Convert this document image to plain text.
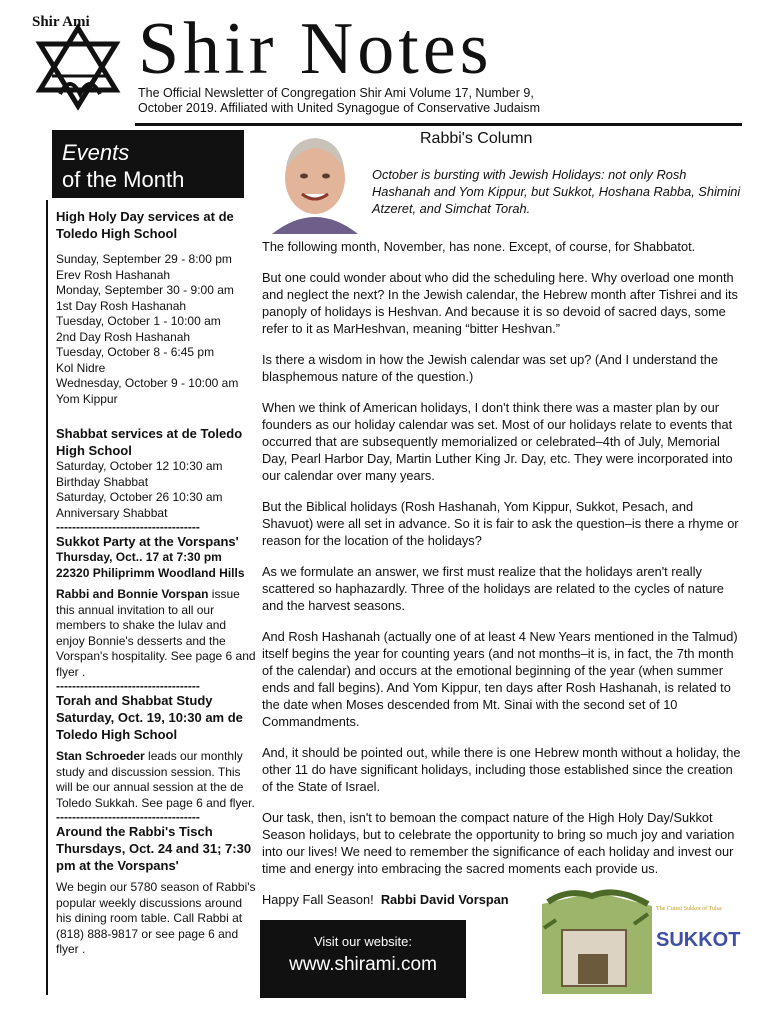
Shir Ami Shir Notes
The Official Newsletter of Congregation Shir Ami Volume 17, Number 9, October 2019. Affiliated with United Synagogue of Conservative Judaism
Events
of the Month

High Holy Day services at de Toledo High School

Sunday, September 29 - 8:00 pm

Erev Rosh Hashanah

Monday, September 30 - 9:00 am

1st Day Rosh Hashanah

Tuesday, October 1 - 10:00 am

2nd Day Rosh Hashanah

Tuesday, October 8 - 6:45 pm

Kol Nidre

Wednesday, October 9 - 10:00 am

Yom Kippur

Shabbat services at de Toledo High School

Saturday, October 12 10:30 am

Birthday Shabbat

Saturday, October 26 10:30 am

Anniversary Shabbat

------------------------------------

Sukkot Party at the Vorspans'

Thursday, Oct.. 17 at 7:30 pm

22320 Philiprimm Woodland Hills

Rabbi and Bonnie Vorspan issue this annual invitation to all our members to shake the lulav and enjoy Bonnie's desserts and the Vorspan's hospitality. See page 6 and flyer .

------------------------------------

Torah and Shabbat Study Saturday, Oct. 19, 10:30 am de Toledo High School

Stan Schroeder leads our monthly study and discussion session. This will be our annual session at the de Toledo Sukkah. See page 6 and flyer.

------------------------------------

Around the Rabbi's Tisch Thursdays, Oct. 24 and 31; 7:30 pm at the Vorspans'

We begin our 5780 season of Rabbi's popular weekly discussions around his dining room table. Call Rabbi at (818) 888-9817 or see page 6 and flyer .

Rabbi's Column
October is bursting with Jewish Holidays: not only Rosh Hashanah and Yom Kippur, but Sukkot, Hoshana Rabba, Shimini Atzeret, and Simchat Torah.

The following month, November, has none. Except, of course, for Shabbatot.

But one could wonder about who did the scheduling here. Why overload one month and neglect the next? In the Jewish calendar, the Hebrew month after Tishrei and its panoply of holidays is Heshvan. And because it is so devoid of sacred days, some refer to it as MarHeshvan, meaning “bitter Heshvan.”

Is there a wisdom in how the Jewish calendar was set up? (And I understand the blasphemous nature of the question.)

When we think of American holidays, I don't think there was a master plan by our founders as our holiday calendar was set. Most of our holidays relate to events that occurred that are subsequently memorialized or celebrated–4th of July, Memorial Day, Pearl Harbor Day, Martin Luther King Jr. Day, etc. They were incorporated into our calendar over many years.

But the Biblical holidays (Rosh Hashanah, Yom Kippur, Sukkot, Pesach, and Shavuot) were all set in advance. So it is fair to ask the question–is there a rhyme or reason for the location of the holidays?

As we formulate an answer, we first must realize that the holidays aren't really scattered so haphazardly. Three of the holidays are related to the cycles of nature and the harvest seasons.

And Rosh Hashanah (actually one of at least 4 New Years mentioned in the Talmud) itself begins the year for counting years (and not months–it is, in fact, the 7th month of the calendar) and occurs at the emotional beginning of the year (when summer ends and fall begins). And Yom Kippur, ten days after Rosh Hashanah, is related to the date when Moses descended from Mt. Sinai with the second set of 10 Commandments.

And, it should be pointed out, while there is one Hebrew month without a holiday, the other 11 do have significant holidays, including those established since the creation of the State of Israel.

Our task, then, isn't to bemoan the compact nature of the High Holy Day/Sukkot Season holidays, but to celebrate the opportunity to bring so much joy and variation into our lives! We need to remember the significance of each holiday and invest our time and energy into embracing the sacred moments each provide us.

Happy Fall Season! Rabbi David Vorspan

Visit our website:
www.shirami.com
The Cutest Sukkot of Tulsa
SUKKOT
